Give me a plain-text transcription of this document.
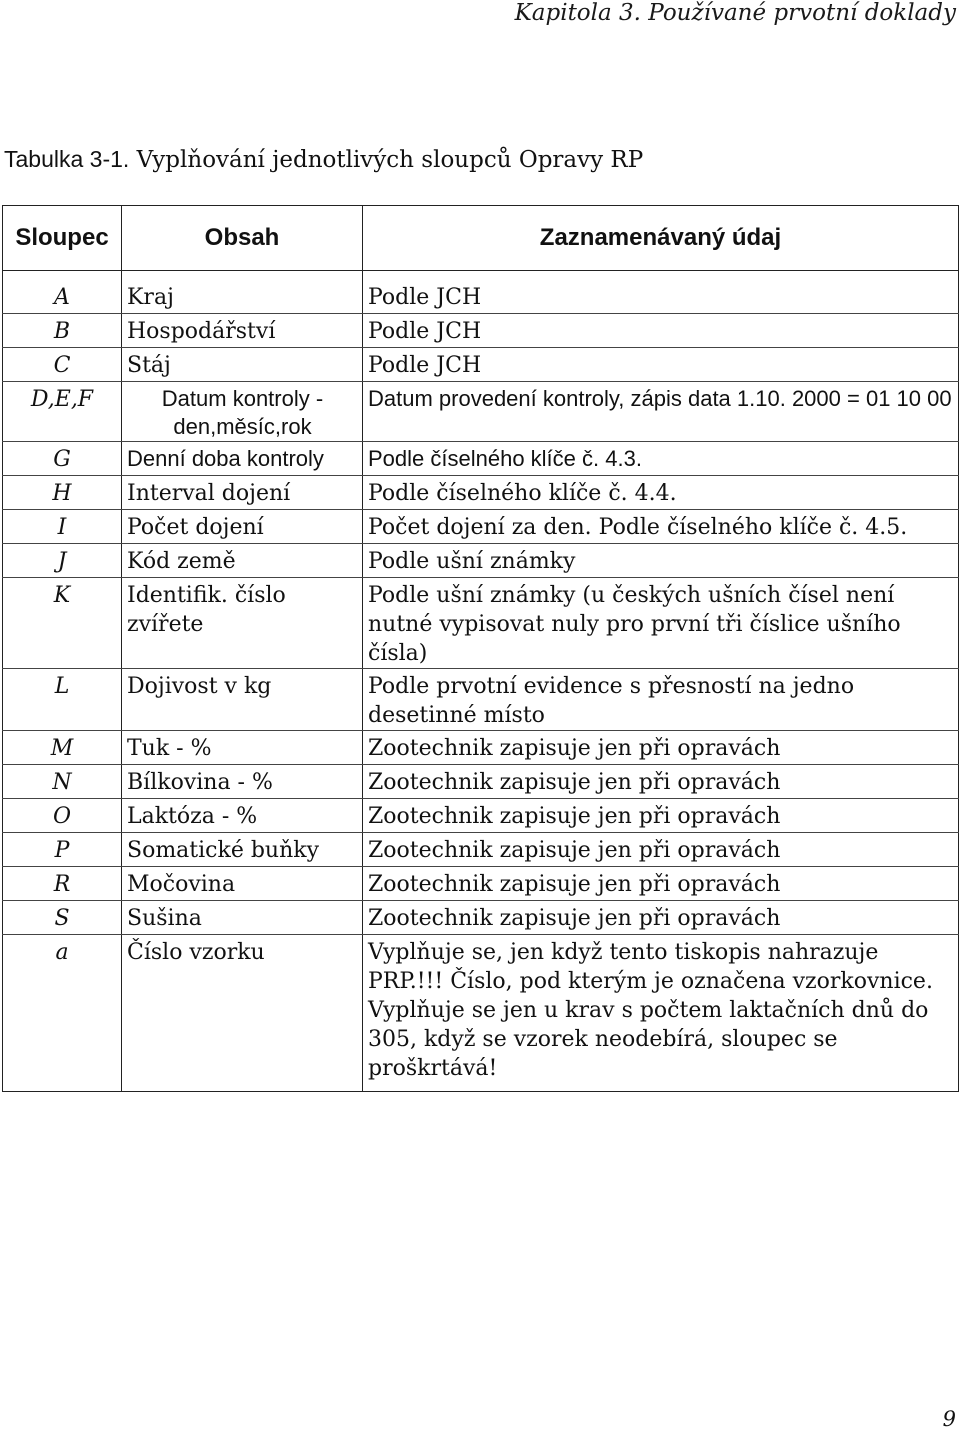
Kapitola 3. Používané prvotní doklady
Tabulka 3-1. Vyplňování jednotlivých sloupců Opravy RP
Sloupec	Obsah	Zaznamenávaný údaj
A	Kraj	Podle JCH
B	Hospodářství	Podle JCH
C	Stáj	Podle JCH
D,E,F	Datum kontroly - den,měsíc,rok	Datum provedení kontroly, zápis data 1.10. 2000 = 01 10 00
G	Denní doba kontroly	Podle číselného klíče č. 4.3.
H	Interval dojení	Podle číselného klíče č. 4.4.
I	Počet dojení	Počet dojení za den. Podle číselného klíče č. 4.5.
J	Kód země	Podle ušní známky
K	Identifik. číslo zvířete	Podle ušní známky (u českých ušních čísel není nutné vypisovat nuly pro první tři číslice ušního čísla)
L	Dojivost v kg	Podle prvotní evidence s přesností na jedno desetinné místo
M	Tuk - %	Zootechnik zapisuje jen při opravách
N	Bílkovina - %	Zootechnik zapisuje jen při opravách
O	Laktóza - %	Zootechnik zapisuje jen při opravách
P	Somatické buňky	Zootechnik zapisuje jen při opravách
R	Močovina	Zootechnik zapisuje jen při opravách
S	Sušina	Zootechnik zapisuje jen při opravách
a	Číslo vzorku	Vyplňuje se, jen když tento tiskopis nahrazuje PRP.!!! Číslo, pod kterým je označena vzorkovnice. Vyplňuje se jen u krav s počtem laktačních dnů do 305, když se vzorek neodebírá, sloupec se proškrtává!
9
